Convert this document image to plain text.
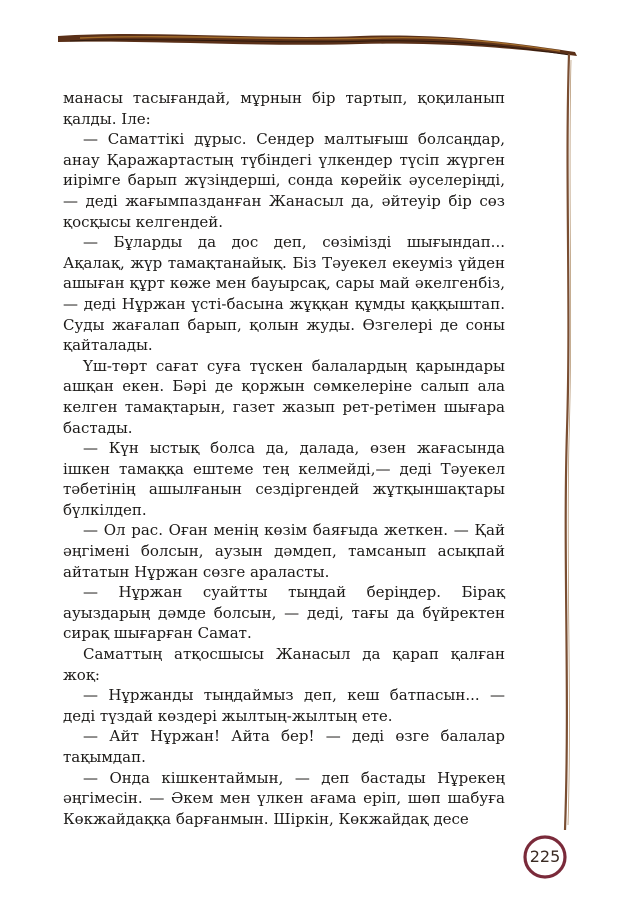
манасы тасығандай, мұрнын бір тартып, қоқиланып қалды. Іле:

— Саматтікі дұрыс. Сендер малтығыш болсаңдар, анау Қаражартастың түбіндегі үлкендер түсіп жүрген иірімге барып жүзіңдерші, сонда көрейік әуселеріңді, — деді жағымпазданған Жанасыл да, әйтеуір бір сөз қосқысы келгендей.

— Бұларды да дос деп, сөзімізді шығындап... Ақалақ, жүр тамақтанайық. Біз Тәуекел екеуміз үйден ашыған құрт көже мен бауырсақ, сары май әкелгенбіз, — деді Нұржан үсті-басына жұққан құмды қаққыштап. Суды жағалап барып, қолын жуды. Өзгелері де соны қайталады.

Үш-төрт сағат суға түскен балалардың қарындары ашқан екен. Бәрі де қоржын сөмкелеріне салып ала келген тамақтарын, газет жазып рет-ретімен шығара бастады.

— Күн ыстық болса да, далада, өзен жағасында ішкен тамаққа ештеме тең келмейді,— деді Тәуекел тәбетінің ашылғанын сездіргендей жұтқыншақтары бүлкілдеп.

— Ол рас. Оған менің көзім баяғыда жеткен. — Қай әңгімені болсын, аузын дәмдеп, тамсанып асықпай айтатын Нұржан сөзге араласты.

— Нұржан суайтты тыңдай беріңдер. Бірақ ауыздарың дәмде болсын, — деді, тағы да бүйректен сирақ шығарған Самат.

Саматтың атқосшысы Жанасыл да қарап қалған жоқ:

— Нұржанды тыңдаймыз деп, кеш батпасын... — деді түздай көздері жылтың-жылтың ете.

— Айт Нұржан! Айта бер! — деді өзге балалар тақымдап.

— Онда кішкентаймын, — деп бастады Нұрекең әңгімесін. — Әкем мен үлкен ағама еріп, шөп шабуға Көкжайдаққа барғанмын. Шіркін, Көкжайдақ десе

225
